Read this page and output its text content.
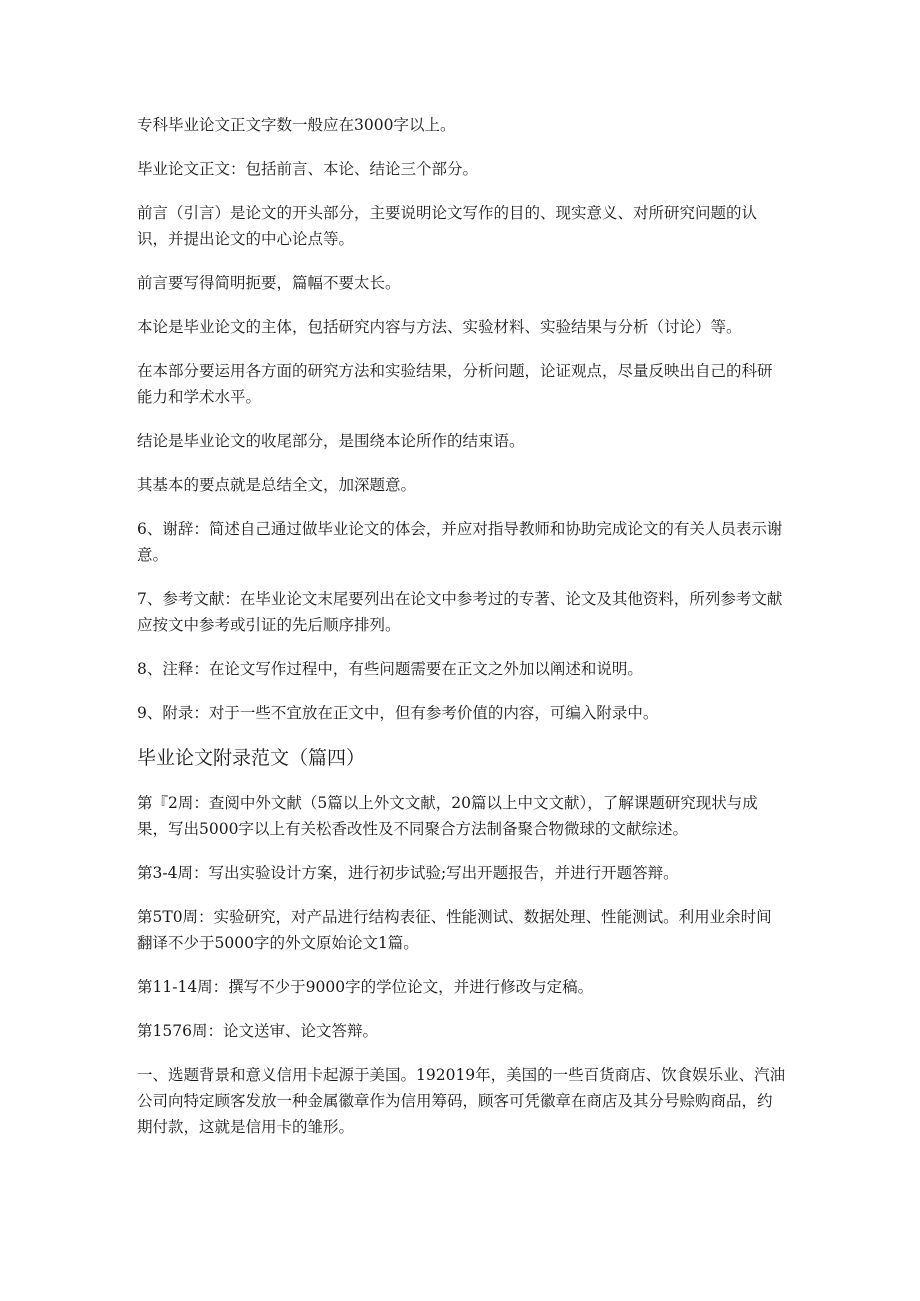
专科毕业论文正文字数一般应在3000字以上。

毕业论文正文：包括前言、本论、结论三个部分。

前言（引言）是论文的开头部分，主要说明论文写作的目的、现实意义、对所研究问题的认识，并提出论文的中心论点等。

前言要写得简明扼要，篇幅不要太长。

本论是毕业论文的主体，包括研究内容与方法、实验材料、实验结果与分析（讨论）等。

在本部分要运用各方面的研究方法和实验结果，分析问题，论证观点，尽量反映出自己的科研能力和学术水平。

结论是毕业论文的收尾部分，是围绕本论所作的结束语。

其基本的要点就是总结全文，加深题意。

6、谢辞：简述自己通过做毕业论文的体会，并应对指导教师和协助完成论文的有关人员表示谢意。

7、参考文献：在毕业论文末尾要列出在论文中参考过的专著、论文及其他资料，所列参考文献应按文中参考或引证的先后顺序排列。

8、注释：在论文写作过程中，有些问题需要在正文之外加以阐述和说明。

9、附录：对于一些不宜放在正文中，但有参考价值的内容，可编入附录中。

毕业论文附录范文（篇四）

第『2周：查阅中外文献（5篇以上外文文献，20篇以上中文文献），了解课题研究现状与成果，写出5000字以上有关松香改性及不同聚合方法制备聚合物微球的文献综述。

第3-4周：写出实验设计方案，进行初步试验;写出开题报告，并进行开题答辩。

第5T0周：实验研究，对产品进行结构表征、性能测试、数据处理、性能测试。利用业余时间翻译不少于5000字的外文原始论文1篇。

第11-14周：撰写不少于9000字的学位论文，并进行修改与定稿。

第1576周：论文送审、论文答辩。

一、选题背景和意义信用卡起源于美国。192019年，美国的一些百货商店、饮食娱乐业、汽油公司向特定顾客发放一种金属徽章作为信用筹码，顾客可凭徽章在商店及其分号赊购商品，约期付款，这就是信用卡的雏形。
